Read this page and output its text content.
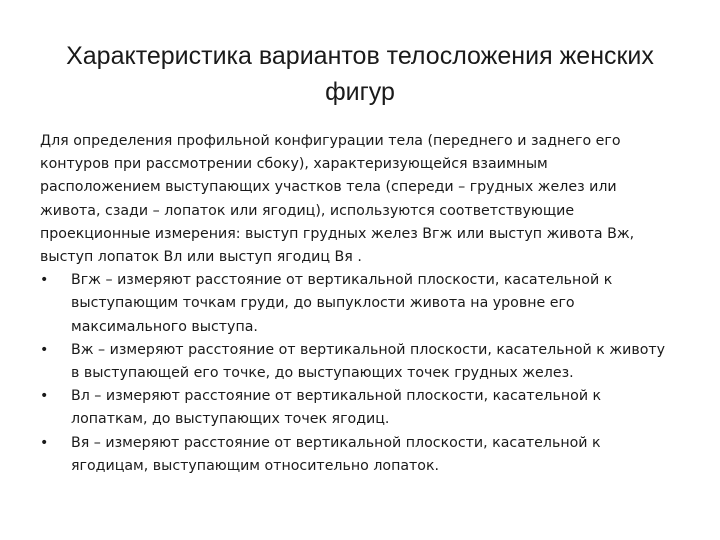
Характеристика вариантов телосложения женских
фигур
Для определения профильной конфигурации тела (переднего и заднего его
контуров при рассмотрении сбоку), характеризующейся взаимным
расположением выступающих участков тела (спереди – грудных желез или
живота, сзади – лопаток или ягодиц), используются соответствующие
проекционные измерения: выступ грудных желез Вгж или выступ живота Вж,
выступ лопаток Вл или выступ ягодиц Вя .
• Вгж – измеряют расстояние от вертикальной плоскости, касательной к
выступающим точкам груди, до выпуклости живота на уровне его
максимального выступа.
• Вж – измеряют расстояние от вертикальной плоскости, касательной к животу
в выступающей его точке, до выступающих точек грудных желез.
• Вл – измеряют расстояние от вертикальной плоскости, касательной к
лопаткам, до выступающих точек ягодиц.
• Вя – измеряют расстояние от вертикальной плоскости, касательной к
ягодицам, выступающим относительно лопаток.
